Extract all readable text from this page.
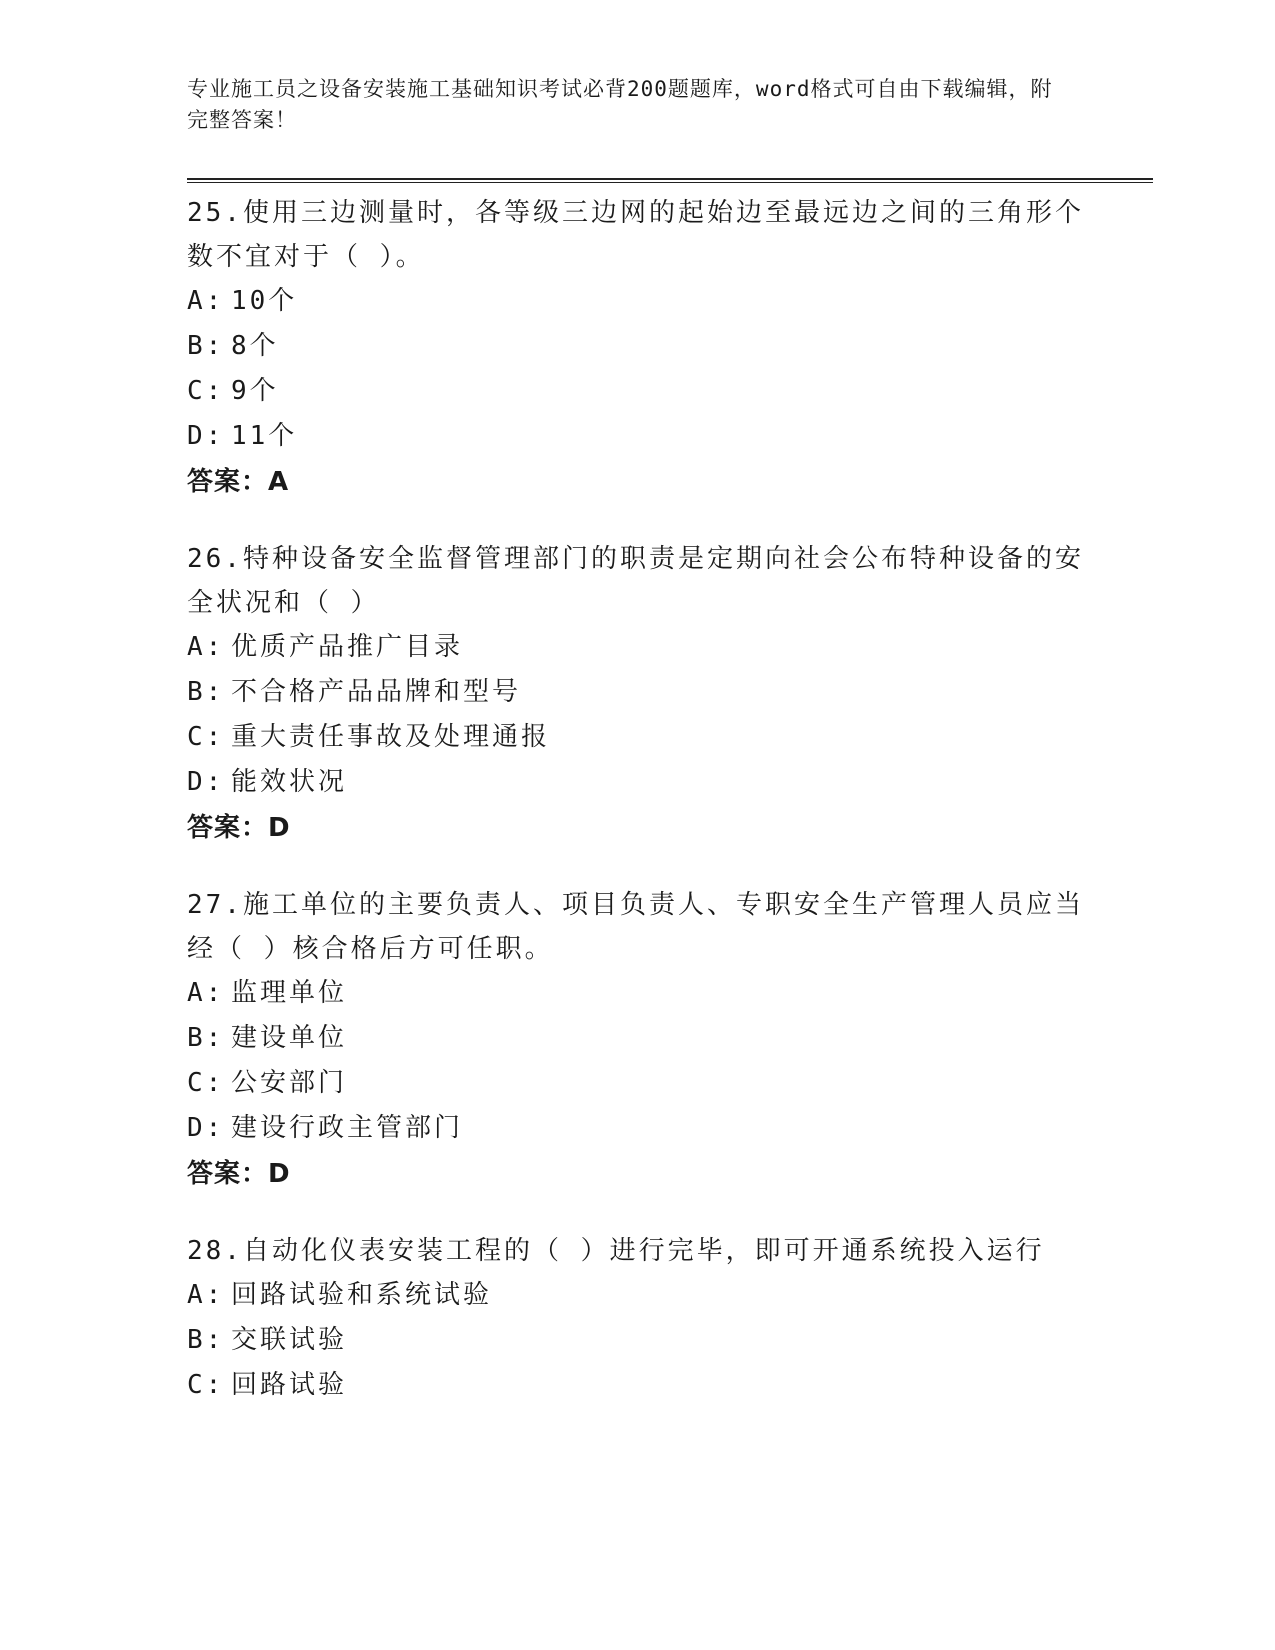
专业施工员之设备安装施工基础知识考试必背200题题库，word格式可自由下载编辑，附完整答案！

25.使用三边测量时，各等级三边网的起始边至最远边之间的三角形个数不宜对于（ ）。

A: 10个
B: 8个
C: 9个
D: 11个
答案：A

26.特种设备安全监督管理部门的职责是定期向社会公布特种设备的安全状况和（ ）

A: 优质产品推广目录
B: 不合格产品品牌和型号
C: 重大责任事故及处理通报
D: 能效状况
答案：D

27.施工单位的主要负责人、项目负责人、专职安全生产管理人员应当经（ ）核合格后方可任职。

A: 监理单位
B: 建设单位
C: 公安部门
D: 建设行政主管部门
答案：D

28.自动化仪表安装工程的（ ）进行完毕，即可开通系统投入运行

A: 回路试验和系统试验
B: 交联试验
C: 回路试验
